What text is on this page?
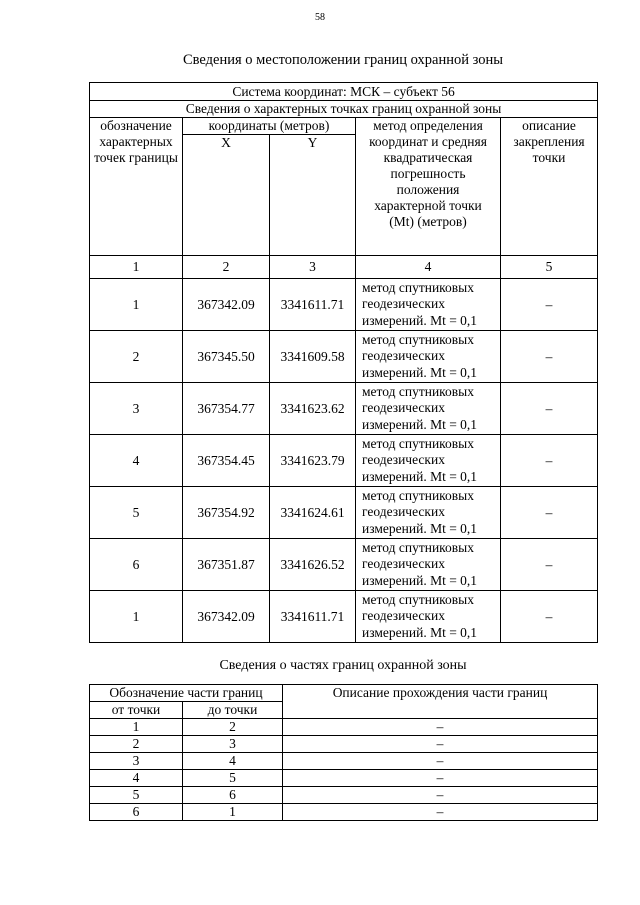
58
Сведения о местоположении границ охранной зоны
Система координат: МСК – субъект 56				
Сведения о характерных точках границ охранной зоны				
обозначение характерных точек границы	координаты (метров)		метод определения координат и средняя квадратическая погрешность положения характерной точки (Mt) (метров)	описание закрепления точки
	X	Y		
1	2	3	4	5
1	367342.09	3341611.71	метод спутниковых геодезических измерений. Mt = 0,1	–
2	367345.50	3341609.58	метод спутниковых геодезических измерений. Mt = 0,1	–
3	367354.77	3341623.62	метод спутниковых геодезических измерений. Mt = 0,1	–
4	367354.45	3341623.79	метод спутниковых геодезических измерений. Mt = 0,1	–
5	367354.92	3341624.61	метод спутниковых геодезических измерений. Mt = 0,1	–
6	367351.87	3341626.52	метод спутниковых геодезических измерений. Mt = 0,1	–
1	367342.09	3341611.71	метод спутниковых геодезических измерений. Mt = 0,1	–
Сведения о частях границ охранной зоны
Обозначение части границ		Описание прохождения части границ
от точки	до точки	
1	2	–
2	3	–
3	4	–
4	5	–
5	6	–
6	1	–
